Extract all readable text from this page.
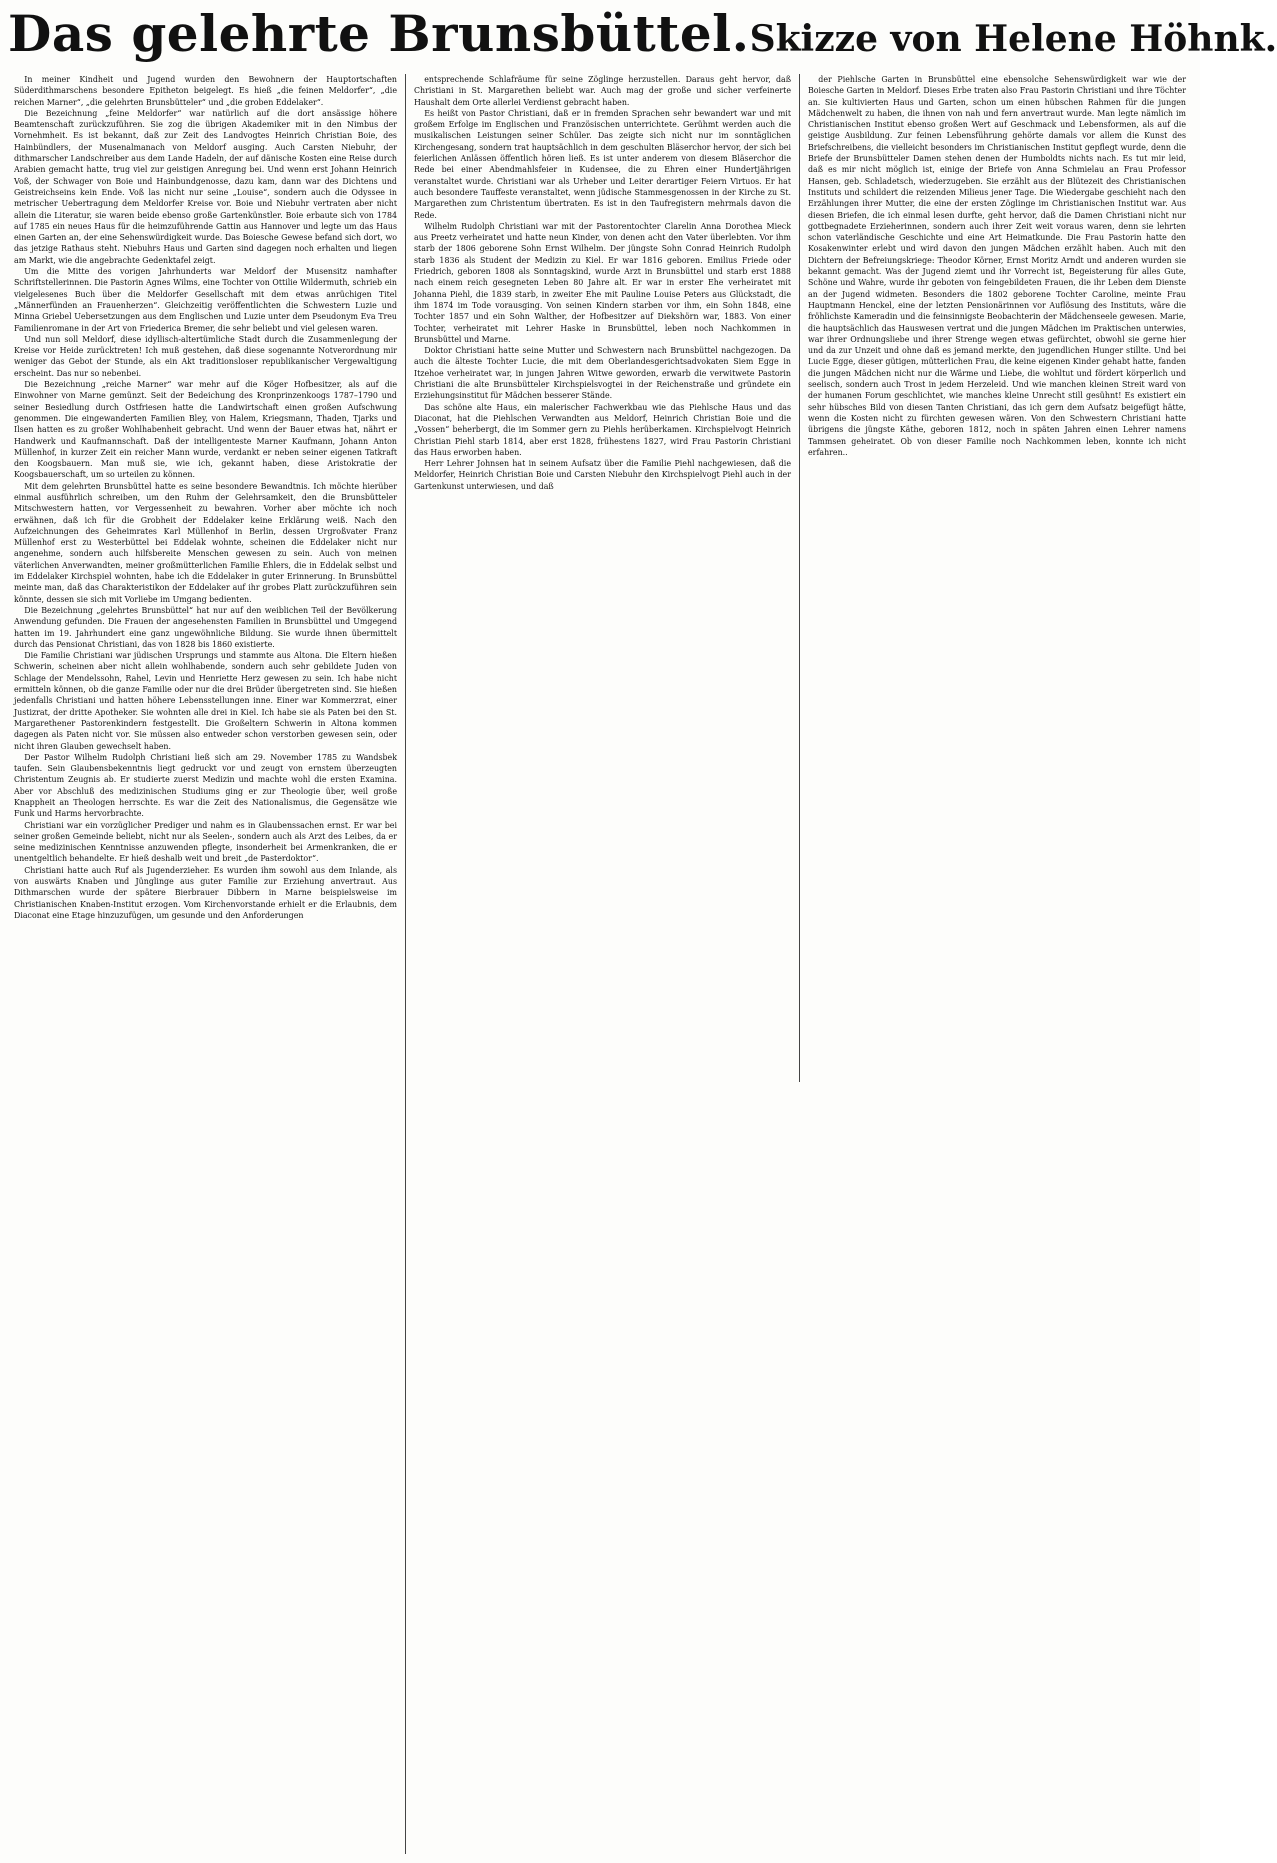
Das gelehrte Brunsbüttel. Skizze von Helene Höhnk.

In meiner Kindheit und Jugend wurden den Bewohnern der Hauptortschaften Süderdithmarschens besondere Epitheton beigelegt. Es hieß „die feinen Meldorfer“, „die reichen Marner“, „die gelehrten Brunsbütteler“ und „die groben Eddelaker“.

Die Bezeichnung „feine Meldorfer“ war natürlich auf die dort ansässige höhere Beamtenschaft zurückzuführen. Sie zog die übrigen Akademiker mit in den Nimbus der Vornehmheit. Es ist bekannt, daß zur Zeit des Landvogtes Heinrich Christian Boie, des Hainbündlers, der Musenalmanach von Meldorf ausging. Auch Carsten Niebuhr, der dithmarscher Landschreiber aus dem Lande Hadeln, der auf dänische Kosten eine Reise durch Arabien gemacht hatte, trug viel zur geistigen Anregung bei. Und wenn erst Johann Heinrich Voß, der Schwager von Boie und Hainbundgenosse, dazu kam, dann war des Dichtens und Geistreichseins kein Ende. Voß las nicht nur seine „Louise“, sondern auch die Odyssee in metrischer Uebertragung dem Meldorfer Kreise vor. Boie und Niebuhr vertraten aber nicht allein die Literatur, sie waren beide ebenso große Gartenkünstler. Boie erbaute sich von 1784 auf 1785 ein neues Haus für die heimzuführende Gattin aus Hannover und legte um das Haus einen Garten an, der eine Sehenswürdigkeit wurde. Das Boiesche Gewese befand sich dort, wo das jetzige Rathaus steht. Niebuhrs Haus und Garten sind dagegen noch erhalten und liegen am Markt, wie die angebrachte Gedenktafel zeigt.

Um die Mitte des vorigen Jahrhunderts war Meldorf der Musensitz namhafter Schriftstellerinnen. Die Pastorin Agnes Wilms, eine Tochter von Ottilie Wildermuth, schrieb ein vielgelesenes Buch über die Meldorfer Gesellschaft mit dem etwas anrüchigen Titel „Männerfünden an Frauenherzen“. Gleichzeitig veröffentlichten die Schwestern Luzie und Minna Griebel Uebersetzungen aus dem Englischen und Luzie unter dem Pseudonym Eva Treu Familienromane in der Art von Friederica Bremer, die sehr beliebt und viel gelesen waren.

Und nun soll Meldorf, diese idyllisch-altertümliche Stadt durch die Zusammenlegung der Kreise vor Heide zurücktreten! Ich muß gestehen, daß diese sogenannte Notverordnung mir weniger das Gebot der Stunde, als ein Akt traditionsloser republikanischer Vergewaltigung erscheint. Das nur so nebenbei.

Die Bezeichnung „reiche Marner“ war mehr auf die Köger Hofbesitzer, als auf die Einwohner von Marne gemünzt. Seit der Bedeichung des Kronprinzenkoogs 1787–1790 und seiner Besiedlung durch Ostfriesen hatte die Landwirtschaft einen großen Aufschwung genommen. Die eingewanderten Familien Bley, von Halem, Kriegsmann, Thaden, Tjarks und Ilsen hatten es zu großer Wohlhabenheit gebracht. Und wenn der Bauer etwas hat, nährt er Handwerk und Kaufmannschaft. Daß der intelligenteste Marner Kaufmann, Johann Anton Müllenhof, in kurzer Zeit ein reicher Mann wurde, verdankt er neben seiner eigenen Tatkraft den Koogsbauern. Man muß sie, wie ich, gekannt haben, diese Aristokratie der Koogsbauerschaft, um so urteilen zu können.

Mit dem gelehrten Brunsbüttel hatte es seine besondere Bewandtnis. Ich möchte hierüber einmal ausführlich schreiben, um den Ruhm der Gelehrsamkeit, den die Brunsbütteler Mitschwestern hatten, vor Vergessenheit zu bewahren. Vorher aber möchte ich noch erwähnen, daß ich für die Grobheit der Eddelaker keine Erklärung weiß. Nach den Aufzeichnungen des Geheimrates Karl Müllenhof in Berlin, dessen Urgroßvater Franz Müllenhof erst zu Westerbüttel bei Eddelak wohnte, scheinen die Eddelaker nicht nur angenehme, sondern auch hilfsbereite Menschen gewesen zu sein. Auch von meinen väterlichen Anverwandten, meiner großmütterlichen Familie Ehlers, die in Eddelak selbst und im Eddelaker Kirchspiel wohnten, habe ich die Eddelaker in guter Erinnerung. In Brunsbüttel meinte man, daß das Charakteristikon der Eddelaker auf ihr grobes Platt zurückzuführen sein könnte, dessen sie sich mit Vorliebe im Umgang bedienten.

Die Bezeichnung „gelehrtes Brunsbüttel“ hat nur auf den weiblichen Teil der Bevölkerung Anwendung gefunden. Die Frauen der angesehensten Familien in Brunsbüttel und Umgegend hatten im 19. Jahrhundert eine ganz ungewöhnliche Bildung. Sie wurde ihnen übermittelt durch das Pensionat Christiani, das von 1828 bis 1860 existierte.

Die Familie Christiani war jüdischen Ursprungs und stammte aus Altona. Die Eltern hießen Schwerin, scheinen aber nicht allein wohlhabende, sondern auch sehr gebildete Juden von Schlage der Mendelssohn, Rahel, Levin und Henriette Herz gewesen zu sein. Ich habe nicht ermitteln können, ob die ganze Familie oder nur die drei Brüder übergetreten sind. Sie hießen jedenfalls Christiani und hatten höhere Lebensstellungen inne. Einer war Kommerzrat, einer Justizrat, der dritte Apotheker. Sie wohnten alle drei in Kiel. Ich habe sie als Paten bei den St. Margarethener Pastorenkindern festgestellt. Die Großeltern Schwerin in Altona kommen dagegen als Paten nicht vor. Sie müssen also entweder schon verstorben gewesen sein, oder nicht ihren Glauben gewechselt haben.

Der Pastor Wilhelm Rudolph Christiani ließ sich am 29. November 1785 zu Wandsbek taufen. Sein Glaubensbekenntnis liegt gedruckt vor und zeugt von ernstem überzeugten Christentum Zeugnis ab. Er studierte zuerst Medizin und machte wohl die ersten Examina. Aber vor Abschluß des medizinischen Studiums ging er zur Theologie über, weil große Knappheit an Theologen herrschte. Es war die Zeit des Nationalismus, die Gegensätze wie Funk und Harms hervorbrachte.

Christiani war ein vorzüglicher Prediger und nahm es in Glaubenssachen ernst. Er war bei seiner großen Gemeinde beliebt, nicht nur als Seelen-, sondern auch als Arzt des Leibes, da er seine medizinischen Kenntnisse anzuwenden pflegte, insonderheit bei Armenkranken, die er unentgeltlich behandelte. Er hieß deshalb weit und breit „de Pasterdoktor“.

Christiani hatte auch Ruf als Jugenderzieher. Es wurden ihm sowohl aus dem Inlande, als von auswärts Knaben und Jünglinge aus guter Familie zur Erziehung anvertraut. Aus Dithmarschen wurde der spätere Bierbrauer Dibbern in Marne beispielsweise im Christianischen Knaben-Institut erzogen. Vom Kirchenvorstande erhielt er die Erlaubnis, dem Diaconat eine Etage hinzuzufügen, um gesunde und den Anforderungen

entsprechende Schlafräume für seine Zöglinge herzustellen. Daraus geht hervor, daß Christiani in St. Margarethen beliebt war. Auch mag der große und sicher verfeinerte Haushalt dem Orte allerlei Verdienst gebracht haben.

Es heißt von Pastor Christiani, daß er in fremden Sprachen sehr bewandert war und mit großem Erfolge im Englischen und Französischen unterrichtete. Gerühmt werden auch die musikalischen Leistungen seiner Schüler. Das zeigte sich nicht nur im sonntäglichen Kirchengesang, sondern trat hauptsächlich in dem geschulten Bläserchor hervor, der sich bei feierlichen Anlässen öffentlich hören ließ. Es ist unter anderem von diesem Bläserchor die Rede bei einer Abendmahlsfeier in Kudensee, die zu Ehren einer Hundertjährigen veranstaltet wurde. Christiani war als Urheber und Leiter derartiger Feiern Virtuos. Er hat auch besondere Tauffeste veranstaltet, wenn jüdische Stammesgenossen in der Kirche zu St. Margarethen zum Christentum übertraten. Es ist in den Taufregistern mehrmals davon die Rede.

Wilhelm Rudolph Christiani war mit der Pastorentochter Clarelin Anna Dorothea Mieck aus Preetz verheiratet und hatte neun Kinder, von denen acht den Vater überlebten. Vor ihm starb der 1806 geborene Sohn Ernst Wilhelm. Der jüngste Sohn Conrad Heinrich Rudolph starb 1836 als Student der Medizin zu Kiel. Er war 1816 geboren. Emilius Friede oder Friedrich, geboren 1808 als Sonntagskind, wurde Arzt in Brunsbüttel und starb erst 1888 nach einem reich gesegneten Leben 80 Jahre alt. Er war in erster Ehe verheiratet mit Johanna Piehl, die 1839 starb, in zweiter Ehe mit Pauline Louise Peters aus Glückstadt, die ihm 1874 im Tode vorausging. Von seinen Kindern starben vor ihm, ein Sohn 1848, eine Tochter 1857 und ein Sohn Walther, der Hofbesitzer auf Diekshörn war, 1883. Von einer Tochter, verheiratet mit Lehrer Haske in Brunsbüttel, leben noch Nachkommen in Brunsbüttel und Marne.

Doktor Christiani hatte seine Mutter und Schwestern nach Brunsbüttel nachgezogen. Da auch die älteste Tochter Lucie, die mit dem Oberlandesgerichtsadvokaten Siem Egge in Itzehoe verheiratet war, in jungen Jahren Witwe geworden, erwarb die verwitwete Pastorin Christiani die alte Brunsbütteler Kirchspielsvogtei in der Reichenstraße und gründete ein Erziehungsinstitut für Mädchen besserer Stände.

Das schöne alte Haus, ein malerischer Fachwerkbau wie das Piehlsche Haus und das Diaconat, hat die Piehlschen Verwandten aus Meldorf, Heinrich Christian Boie und die „Vossen“ beherbergt, die im Sommer gern zu Piehls herüberkamen. Kirchspielvogt Heinrich Christian Piehl starb 1814, aber erst 1828, frühestens 1827, wird Frau Pastorin Christiani das Haus erworben haben.

Herr Lehrer Johnsen hat in seinem Aufsatz über die Familie Piehl nachgewiesen, daß die Meldorfer, Heinrich Christian Boie und Carsten Niebuhr den Kirchspielvogt Piehl auch in der Gartenkunst unterwiesen, und daß

der Piehlsche Garten in Brunsbüttel eine ebensolche Sehenswürdigkeit war wie der Boiesche Garten in Meldorf. Dieses Erbe traten also Frau Pastorin Christiani und ihre Töchter an. Sie kultivierten Haus und Garten, schon um einen hübschen Rahmen für die jungen Mädchenwelt zu haben, die ihnen von nah und fern anvertraut wurde. Man legte nämlich im Christianischen Institut ebenso großen Wert auf Geschmack und Lebensformen, als auf die geistige Ausbildung. Zur feinen Lebensführung gehörte damals vor allem die Kunst des Briefschreibens, die vielleicht besonders im Christianischen Institut gepflegt wurde, denn die Briefe der Brunsbütteler Damen stehen denen der Humboldts nichts nach. Es tut mir leid, daß es mir nicht möglich ist, einige der Briefe von Anna Schmielau an Frau Professor Hansen, geb. Schladetsch, wiederzugeben. Sie erzählt aus der Blütezeit des Christianischen Instituts und schildert die reizenden Milieus jener Tage. Die Wiedergabe geschieht nach den Erzählungen ihrer Mutter, die eine der ersten Zöglinge im Christianischen Institut war. Aus diesen Briefen, die ich einmal lesen durfte, geht hervor, daß die Damen Christiani nicht nur gottbegnadete Erzieherinnen, sondern auch ihrer Zeit weit voraus waren, denn sie lehrten schon vaterländische Geschichte und eine Art Heimatkunde. Die Frau Pastorin hatte den Kosakenwinter erlebt und wird davon den jungen Mädchen erzählt haben. Auch mit den Dichtern der Befreiungskriege: Theodor Körner, Ernst Moritz Arndt und anderen wurden sie bekannt gemacht. Was der Jugend ziemt und ihr Vorrecht ist, Begeisterung für alles Gute, Schöne und Wahre, wurde ihr geboten von feingebildeten Frauen, die ihr Leben dem Dienste an der Jugend widmeten. Besonders die 1802 geborene Tochter Caroline, meinte Frau Hauptmann Henckel, eine der letzten Pensionärinnen vor Auflösung des Instituts, wäre die fröhlichste Kameradin und die feinsinnigste Beobachterin der Mädchenseele gewesen. Marie, die hauptsächlich das Hauswesen vertrat und die jungen Mädchen im Praktischen unterwies, war ihrer Ordnungsliebe und ihrer Strenge wegen etwas gefürchtet, obwohl sie gerne hier und da zur Unzeit und ohne daß es jemand merkte, den jugendlichen Hunger stillte. Und bei Lucie Egge, dieser gütigen, mütterlichen Frau, die keine eigenen Kinder gehabt hatte, fanden die jungen Mädchen nicht nur die Wärme und Liebe, die wohltut und fördert körperlich und seelisch, sondern auch Trost in jedem Herzeleid. Und wie manchen kleinen Streit ward von der humanen Forum geschlichtet, wie manches kleine Unrecht still gesühnt! Es existiert ein sehr hübsches Bild von diesen Tanten Christiani, das ich gern dem Aufsatz beigefügt hätte, wenn die Kosten nicht zu fürchten gewesen wären. Von den Schwestern Christiani hatte übrigens die jüngste Käthe, geboren 1812, noch in späten Jahren einen Lehrer namens Tammsen geheiratet. Ob von dieser Familie noch Nachkommen leben, konnte ich nicht erfahren..
